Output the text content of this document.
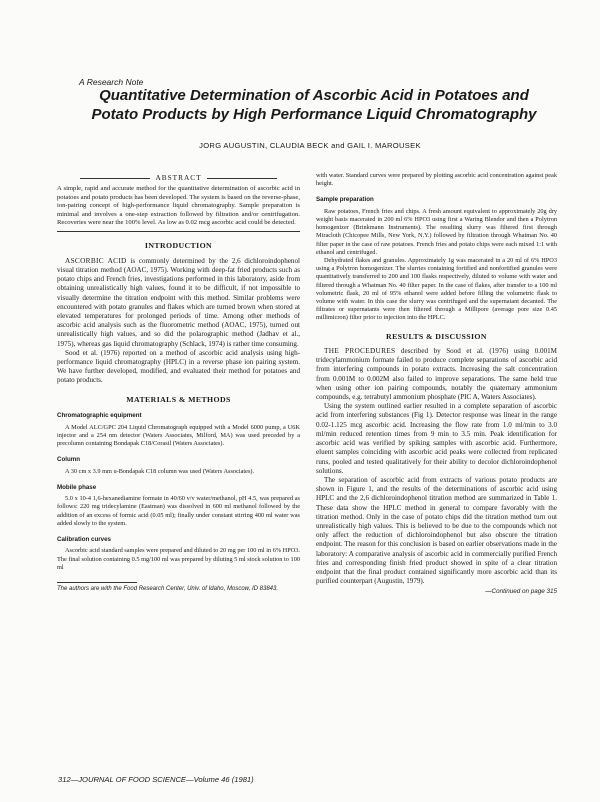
A Research Note
Quantitative Determination of Ascorbic Acid in Potatoes and
Potato Products by High Performance Liquid Chromatography
JORG AUGUSTIN, CLAUDIA BECK and GAIL I. MAROUSEK
ABSTRACT

A simple, rapid and accurate method for the quantitative determination of ascorbic acid in potatoes and potato products has been developed. The system is based on the reverse-phase, ion-pairing concept of high-performance liquid chromatography. Sample preparation is minimal and involves a one-step extraction followed by filtration and/or centrifugation. Recoveries were near the 100% level. As low as 0.02 mcg ascorbic acid could be detected.

INTRODUCTION

ASCORBIC ACID is commonly determined by the 2,6 dichloroindophenol visual titration method (AOAC, 1975). Working with deep-fat fried products such as potato chips and French fries, investigations performed in this laboratory, aside from obtaining unrealistically high values, found it to be difficult, if not impossible to visually determine the titration endpoint with this method. Similar problems were encountered with potato granules and flakes which are turned brown when stored at elevated temperatures for prolonged periods of time. Among other methods of ascorbic acid analysis such as the fluorometric method (AOAC, 1975), turned out unrealistically high values, and so did the polarographic method (Jadhav et al., 1975), whereas gas liquid chromatography (Schlack, 1974) is rather time consuming.

Sood et al. (1976) reported on a method of ascorbic acid analysis using high-performance liquid chromatography (HPLC) in a reverse phase ion pairing system. We have further developed, modified, and evaluated their method for potatoes and potato products.

MATERIALS & METHODS
Chromatographic equipment

A Model ALC/GPC 204 Liquid Chromatograph equipped with a Model 6000 pump, a U6K injector and a 254 nm detector (Waters Associates, Milford, MA) was used preceded by a precolumn containing Bondapak C18/Corasil (Waters Associates).

Column

A 30 cm x 3.9 mm u-Bondapak C18 column was used (Waters Associates).

Mobile phase

5.0 x 10-4 1,6-hexanediamine formate in 40/60 v/v water/methanol, pH 4.5, was prepared as follows: 220 mg tridecylamine (Eastman) was dissolved in 600 ml methanol followed by the addition of an excess of formic acid (0.05 ml); finally under constant stirring 400 ml water was added slowly to the system.

Calibration curves

Ascorbic acid standard samples were prepared and diluted to 20 mg per 100 ml in 6% HPO3. The final solution containing 0.5 mg/100 ml was prepared by diluting 5 ml stock solution to 100 ml

The authors are with the Food Research Center, Univ. of Idaho, Moscow, ID 83843.

with water. Standard curves were prepared by plotting ascorbic acid concentration against peak height.

Sample preparation

Raw potatoes, French fries and chips. A fresh amount equivalent to approximately 20g dry weight basis macerated in 200 ml 6% HPO3 using first a Waring Blendor and then a Polytron homogenizer (Brinkmann Instruments). The resulting slurry was filtered first through Miracloth (Chicopee Mills, New York, N.Y.) followed by filtration through Whatman No. 40 filter paper in the case of raw potatoes. French fries and potato chips were each mixed 1:1 with ethanol and centrifuged.

Dehydrated flakes and granules. Approximately 1g was macerated in a 20 ml of 6% HPO3 using a Polytron homogenizer. The slurries containing fortified and nonfortified granules were quantitatively transferred to 200 and 100 flasks respectively, diluted to volume with water and filtered through a Whatman No. 40 filter paper. In the case of flakes, after transfer to a 100 ml volumetric flask, 20 ml of 95% ethanol were added before filling the volumetric flask to volume with water. In this case the slurry was centrifuged and the supernatant decanted. The filtrates or supernatants were then filtered through a Millipore (average pore size 0.45 millimicron) filter prior to injection into the HPLC.

RESULTS & DISCUSSION

THE PROCEDURES described by Sood et al. (1976) using 0.001M tridecylammonium formate failed to produce complete separations of ascorbic acid from interfering compounds in potato extracts. Increasing the salt concentration from 0.001M to 0.002M also failed to improve separations. The same held true when using other ion pairing compounds, notably the quaternary ammonium compounds, e.g. tetrabutyl ammonium phosphate (PIC A, Waters Associates).

Using the system outlined earlier resulted in a complete separation of ascorbic acid from interfering substances (Fig 1). Detector response was linear in the range 0.02-1.125 mcg ascorbic acid. Increasing the flow rate from 1.0 ml/min to 3.0 ml/min reduced retention times from 9 min to 3.5 min. Peak identification for ascorbic acid was verified by spiking samples with ascorbic acid. Furthermore, eluent samples coinciding with ascorbic acid peaks were collected from replicated runs, pooled and tested qualitatively for their ability to decolor dichloroindophenol solutions.

The separation of ascorbic acid from extracts of various potato products are shown in Figure 1, and the results of the determinations of ascorbic acid using HPLC and the 2,6 dichloroindophenol titration method are summarized in Table 1. These data show the HPLC method in general to compare favorably with the titration method. Only in the case of potato chips did the titration method turn out unrealistically high values. This is believed to be due to the compounds which not only affect the reduction of dichloroindophenol but also obscure the titration endpoint. The reason for this conclusion is based on earlier observations made in the laboratory: A comparative analysis of ascorbic acid in commercially purified French fries and corresponding finish fried product showed in spite of a clear titration endpoint that the final product contained significantly more ascorbic acid than its purified counterpart (Augustin, 1979).

—Continued on page 315
312—JOURNAL OF FOOD SCIENCE—Volume 46 (1981)
